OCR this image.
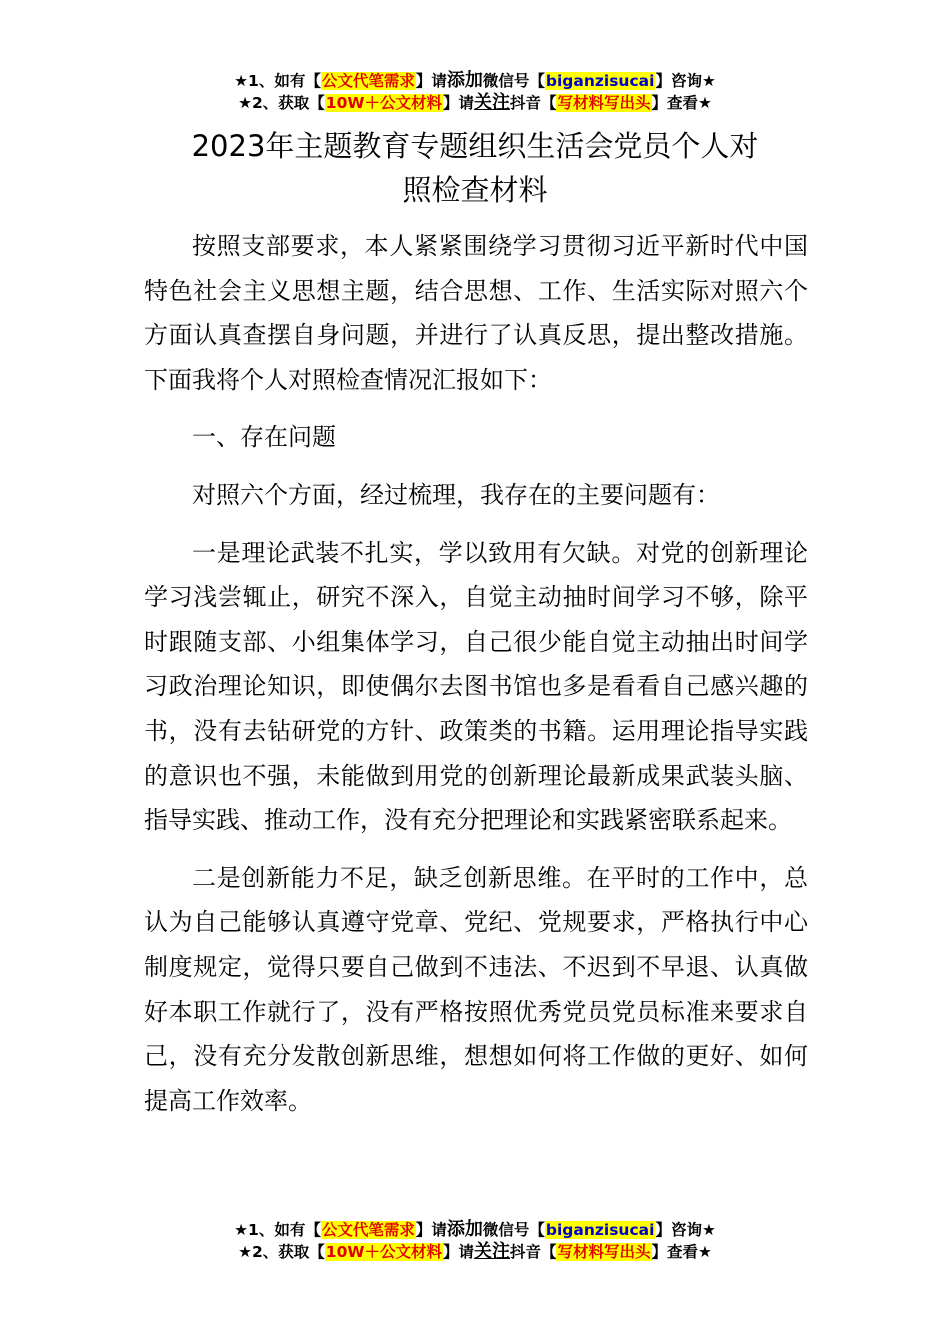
★1、如有【公文代笔需求】请添加微信号【biganzisucai】咨询★
★2、获取【10W＋公文材料】请关注抖音【写材料写出头】查看★
2023年主题教育专题组织生活会党员个人对
照检查材料

按照支部要求，本人紧紧围绕学习贯彻习近平新时代中国特色社会主义思想主题，结合思想、工作、生活实际对照六个方面认真查摆自身问题，并进行了认真反思，提出整改措施。下面我将个人对照检查情况汇报如下：

一、存在问题

对照六个方面，经过梳理，我存在的主要问题有：

一是理论武装不扎实，学以致用有欠缺。对党的创新理论学习浅尝辄止，研究不深入，自觉主动抽时间学习不够，除平时跟随支部、小组集体学习，自己很少能自觉主动抽出时间学习政治理论知识，即使偶尔去图书馆也多是看看自己感兴趣的书，没有去钻研党的方针、政策类的书籍。运用理论指导实践的意识也不强，未能做到用党的创新理论最新成果武装头脑、指导实践、推动工作，没有充分把理论和实践紧密联系起来。

二是创新能力不足，缺乏创新思维。在平时的工作中，总认为自己能够认真遵守党章、党纪、党规要求，严格执行中心制度规定，觉得只要自己做到不违法、不迟到不早退、认真做好本职工作就行了，没有严格按照优秀党员党员标准来要求自己，没有充分发散创新思维，想想如何将工作做的更好、如何提高工作效率。

★1、如有【公文代笔需求】请添加微信号【biganzisucai】咨询★
★2、获取【10W＋公文材料】请关注抖音【写材料写出头】查看★
